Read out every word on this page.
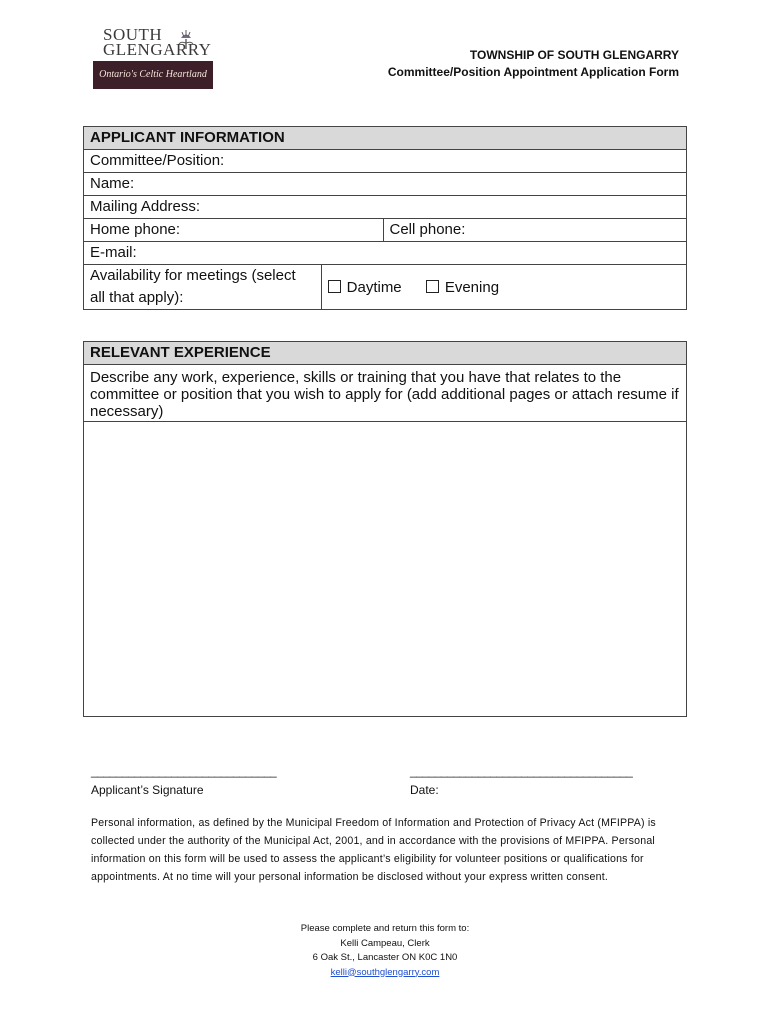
SOUTH
GLENGARRY
Ontario's Celtic Heartland
TOWNSHIP OF SOUTH GLENGARRY
Committee/Position Appointment Application Form
APPLICANT INFORMATION		
Committee/Position:		
Name:		
Mailing Address:		
Home phone:		Cell phone:
E-mail:		
Availability for meetings (select all that apply):	Daytime Evening	
RELEVANT EXPERIENCE
Describe any work, experience, skills or training that you have that relates to the committee or position that you wish to apply for (add additional pages or attach resume if necessary)

______________________________	____________________________________
Applicant’s Signature	Date:
Personal information, as defined by the Municipal Freedom of Information and Protection of Privacy Act (MFIPPA) is collected under the authority of the Municipal Act, 2001, and in accordance with the provisions of MFIPPA. Personal information on this form will be used to assess the applicant’s eligibility for volunteer positions or qualifications for appointments. At no time will your personal information be disclosed without your express written consent.
Please complete and return this form to:
Kelli Campeau, Clerk
6 Oak St., Lancaster ON K0C 1N0
kelli@southglengarry.com
